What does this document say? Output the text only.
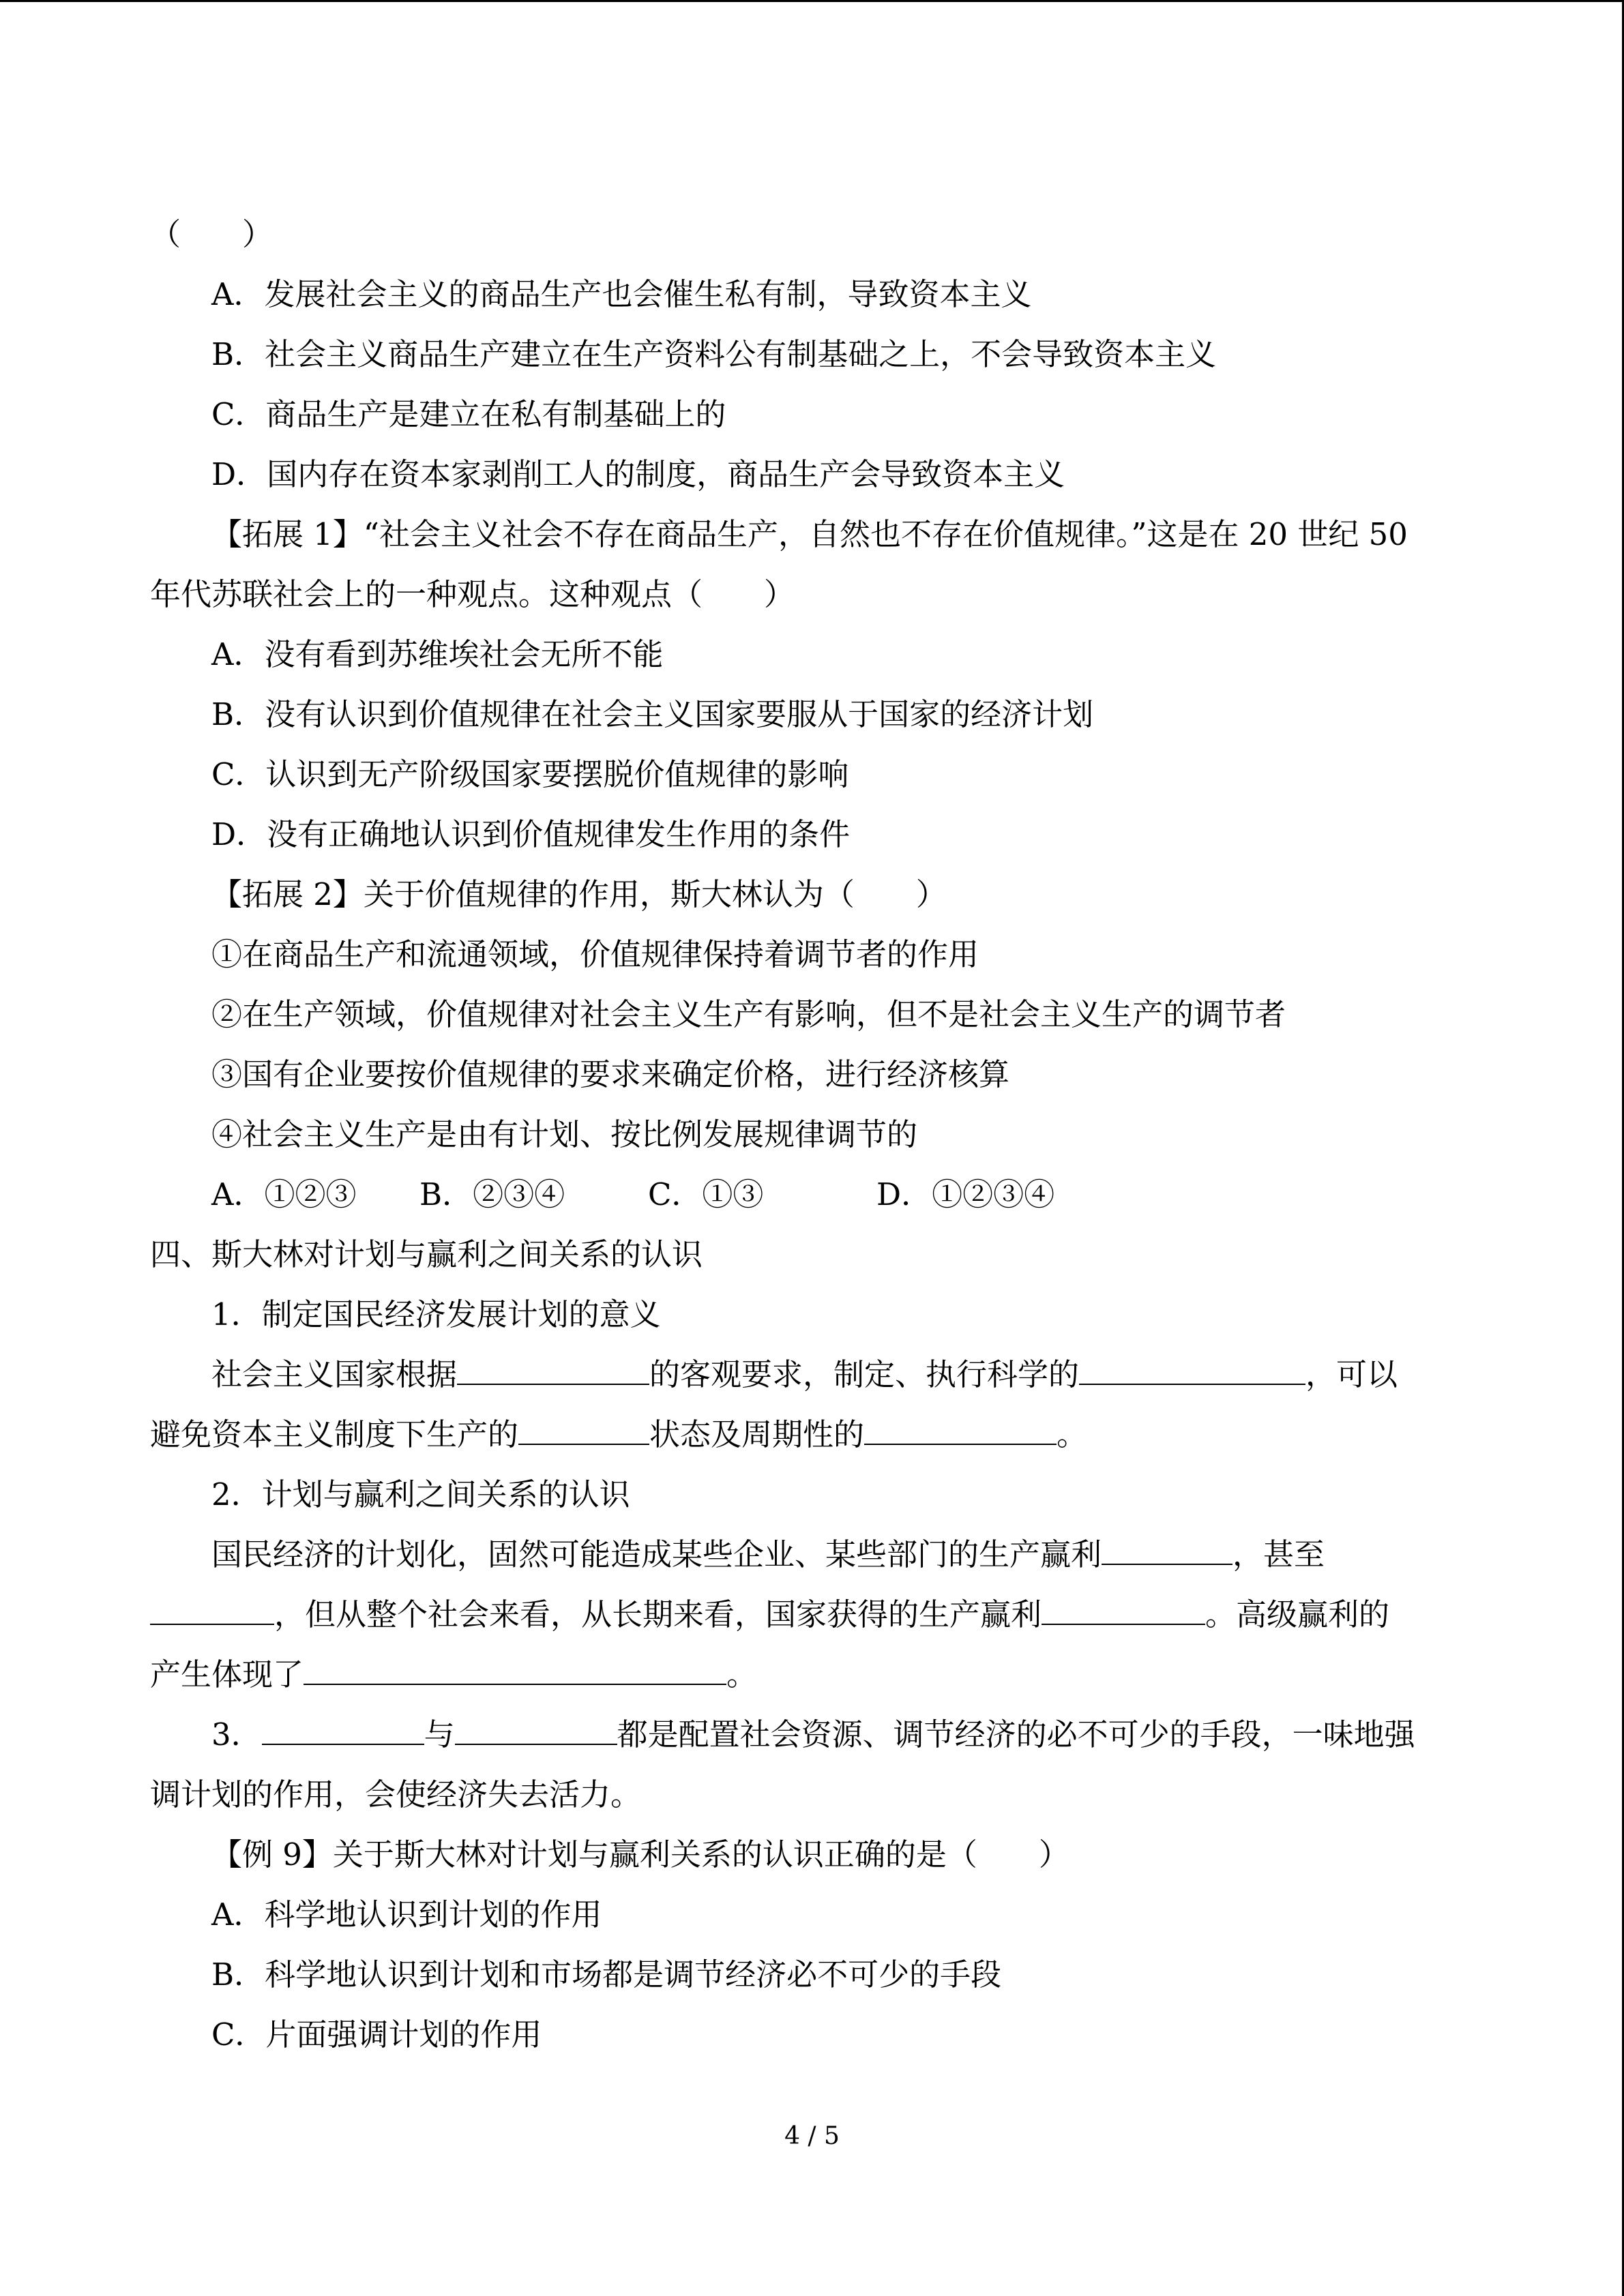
（　　）
A．发展社会主义的商品生产也会催生私有制，导致资本主义
B．社会主义商品生产建立在生产资料公有制基础之上，不会导致资本主义
C．商品生产是建立在私有制基础上的
D．国内存在资本家剥削工人的制度，商品生产会导致资本主义
【拓展 1】“社会主义社会不存在商品生产，自然也不存在价值规律。”这是在 20 世纪 50
年代苏联社会上的一种观点。这种观点（　　）
A．没有看到苏维埃社会无所不能
B．没有认识到价值规律在社会主义国家要服从于国家的经济计划
C．认识到无产阶级国家要摆脱价值规律的影响
D．没有正确地认识到价值规律发生作用的条件
【拓展 2】关于价值规律的作用，斯大林认为（　　）
①在商品生产和流通领域，价值规律保持着调节者的作用
②在生产领域，价值规律对社会主义生产有影响，但不是社会主义生产的调节者
③国有企业要按价值规律的要求来确定价格，进行经济核算
④社会主义生产是由有计划、按比例发展规律调节的
A．①②③ B．②③④	C．①③	D．①②③④
四、斯大林对计划与赢利之间关系的认识
1．制定国民经济发展计划的意义
社会主义国家根据	的客观要求，制定、执行科学的	，可以
避免资本主义制度下生产的	状态及周期性的	。
2．计划与赢利之间关系的认识
国民经济的计划化，固然可能造成某些企业、某些部门的生产赢利	，甚至
，但从整个社会来看，从长期来看，国家获得的生产赢利	。高级赢利的
产生体现了	。
3．	与	都是配置社会资源、调节经济的必不可少的手段，一味地强
调计划的作用，会使经济失去活力。
【例 9】关于斯大林对计划与赢利关系的认识正确的是（　　）
A．科学地认识到计划的作用
B．科学地认识到计划和市场都是调节经济必不可少的手段
C．片面强调计划的作用
4 / 5
